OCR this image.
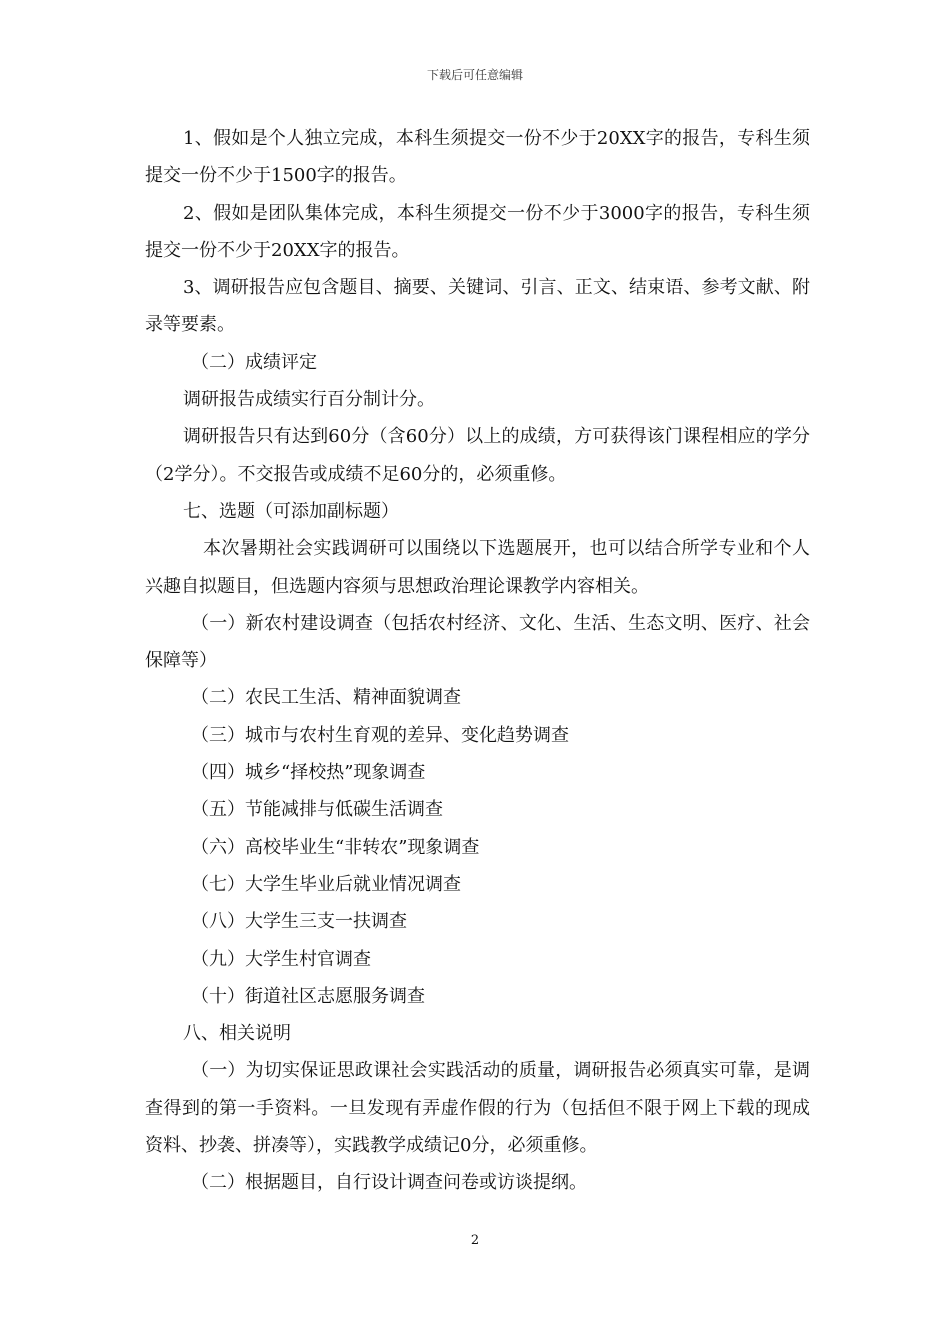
下载后可任意编辑

1、假如是个人独立完成，本科生须提交一份不少于20XX字的报告，专科生须提交一份不少于1500字的报告。

2、假如是团队集体完成，本科生须提交一份不少于3000字的报告，专科生须提交一份不少于20XX字的报告。

3、调研报告应包含题目、摘要、关键词、引言、正文、结束语、参考文献、附录等要素。

（二）成绩评定

调研报告成绩实行百分制计分。

调研报告只有达到60分（含60分）以上的成绩，方可获得该门课程相应的学分（2学分）。不交报告或成绩不足60分的，必须重修。

七、选题（可添加副标题）

本次暑期社会实践调研可以围绕以下选题展开，也可以结合所学专业和个人兴趣自拟题目，但选题内容须与思想政治理论课教学内容相关。

（一）新农村建设调查（包括农村经济、文化、生活、生态文明、医疗、社会保障等）

（二）农民工生活、精神面貌调查

（三）城市与农村生育观的差异、变化趋势调查

（四）城乡“择校热”现象调查

（五）节能减排与低碳生活调查

（六）高校毕业生“非转农”现象调查

（七）大学生毕业后就业情况调查

（八）大学生三支一扶调查

（九）大学生村官调查

（十）街道社区志愿服务调查

八、相关说明

（一）为切实保证思政课社会实践活动的质量，调研报告必须真实可靠，是调查得到的第一手资料。一旦发现有弄虚作假的行为（包括但不限于网上下载的现成资料、抄袭、拼凑等），实践教学成绩记0分，必须重修。

（二）根据题目，自行设计调查问卷或访谈提纲。

2
